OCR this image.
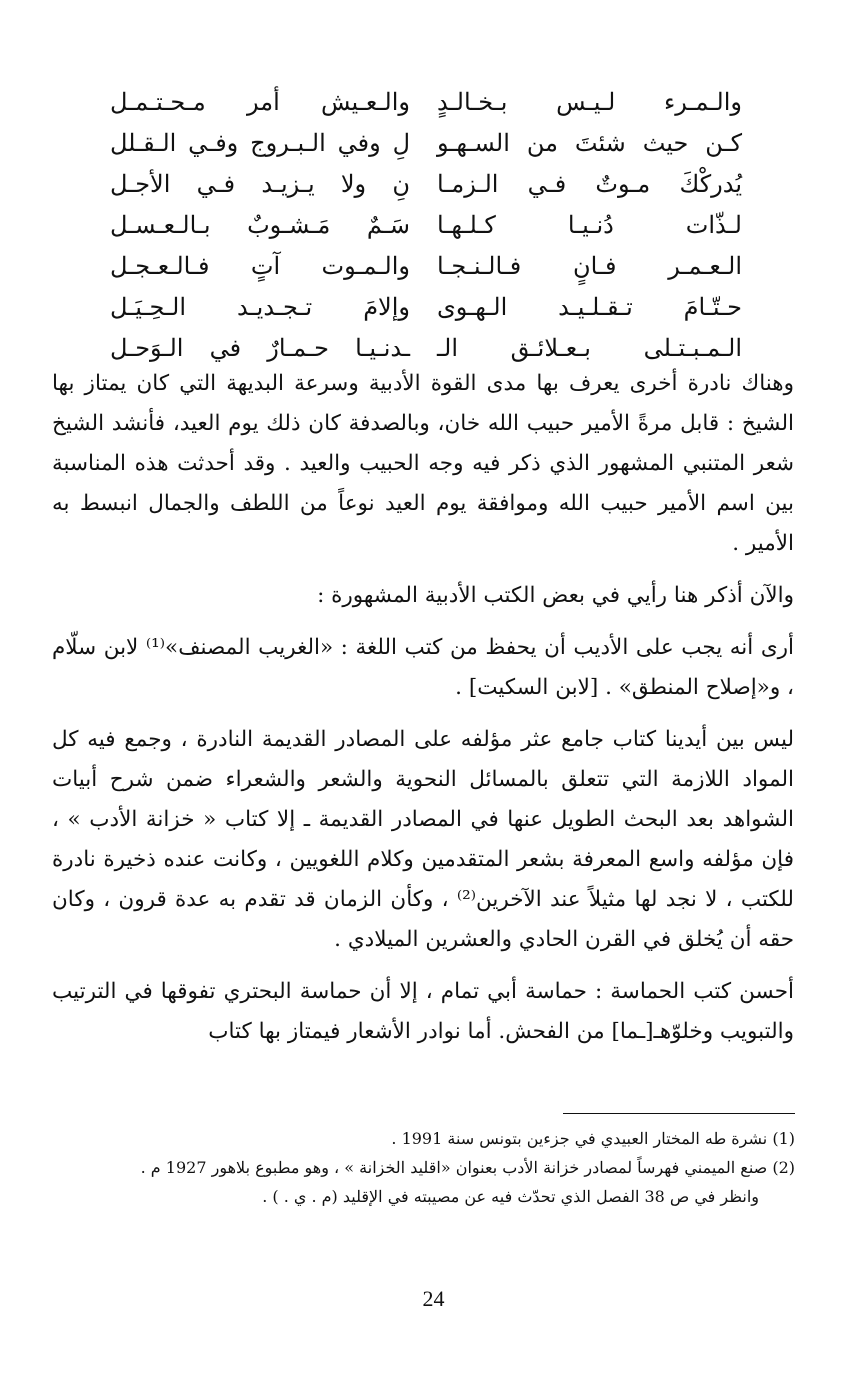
والـمـرء لـيـس بـخـالـدٍ
كـن حيث شئتَ من السـهـو
يُدركْكَ مـوتٌ فـي الـزمـا
لـذّات دُنـيـا كـلـهـا
الـعـمـر فـانٍ فـالـنـجـا
حـتّـامَ تـقـلـيـد الـهـوى
الـمـبـتـلى بـعـلائـق الـ
والـعـيش أمر مـحـتـمـل
لِ وفي الـبـروج وفـي الـقـلل
نِ ولا يـزيـد فـي الأجـل
سَـمٌ مَـشـوبٌ بـالـعـسـل
والـمـوت آتٍ فـالـعـجـل
وإلامَ تـجـديـد الـحِـيَـل
ـدنـيـا حـمـارٌ في الـوَحـل

وهناك نادرة أخرى يعرف بها مدى القوة الأدبية وسرعة البديهة التي كان يمتاز بها الشيخ : قابل مرةً الأمير حبيب الله خان، وبالصدفة كان ذلك يوم العيد، فأنشد الشيخ شعر المتنبي المشهور الذي ذكر فيه وجه الحبيب والعيد . وقد أحدثت هذه المناسبة بين اسم الأمير حبيب الله وموافقة يوم العيد نوعاً من اللطف والجمال انبسط به الأمير .

والآن أذكر هنا رأيي في بعض الكتب الأدبية المشهورة :

أرى أنه يجب على الأديب أن يحفظ من كتب اللغة : «الغريب المصنف»⁽¹⁾ لابن سلّام ، و«إصلاح المنطق» . [لابن السكيت] .

ليس بين أيدينا كتاب جامع عثر مؤلفه على المصادر القديمة النادرة ، وجمع فيه كل المواد اللازمة التي تتعلق بالمسائل النحوية والشعر والشعراء ضمن شرح أبيات الشواهد بعد البحث الطويل عنها في المصادر القديمة ـ إلا كتاب « خزانة الأدب » ، فإن مؤلفه واسع المعرفة بشعر المتقدمين وكلام اللغويين ، وكانت عنده ذخيرة نادرة للكتب ، لا نجد لها مثيلاً عند الآخرين⁽²⁾ ، وكأن الزمان قد تقدم به عدة قرون ، وكان حقه أن يُخلق في القرن الحادي والعشرين الميلادي .

أحسن كتب الحماسة : حماسة أبي تمام ، إلا أن حماسة البحتري تفوقها في الترتيب والتبويب وخلوّهـ[ـما] من الفحش. أما نوادر الأشعار فيمتاز بها كتاب

(1) نشرة طه المختار العبيدي في جزءين بتونس سنة 1991 .

(2) صنع الميمني فهرساً لمصادر خزانة الأدب بعنوان «اقليد الخزانة » ، وهو مطبوع بلاهور 1927 م .

وانظر في ص 38 الفصل الذي تحدّث فيه عن مصيبته في الإقليد (م . ي . ) .

24
